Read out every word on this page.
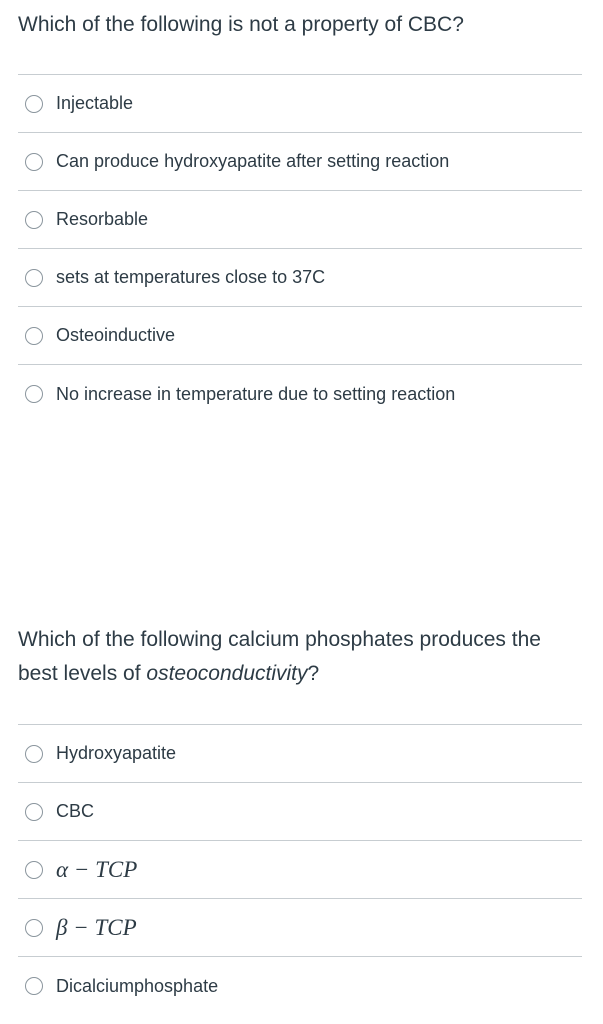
Which of the following is not a property of CBC?
Injectable
Can produce hydroxyapatite after setting reaction
Resorbable
sets at temperatures close to 37C
Osteoinductive
No increase in temperature due to setting reaction
Which of the following calcium phosphates produces the best levels of osteoconductivity?
Hydroxyapatite
CBC
α − TCP
β − TCP
Dicalciumphosphate
